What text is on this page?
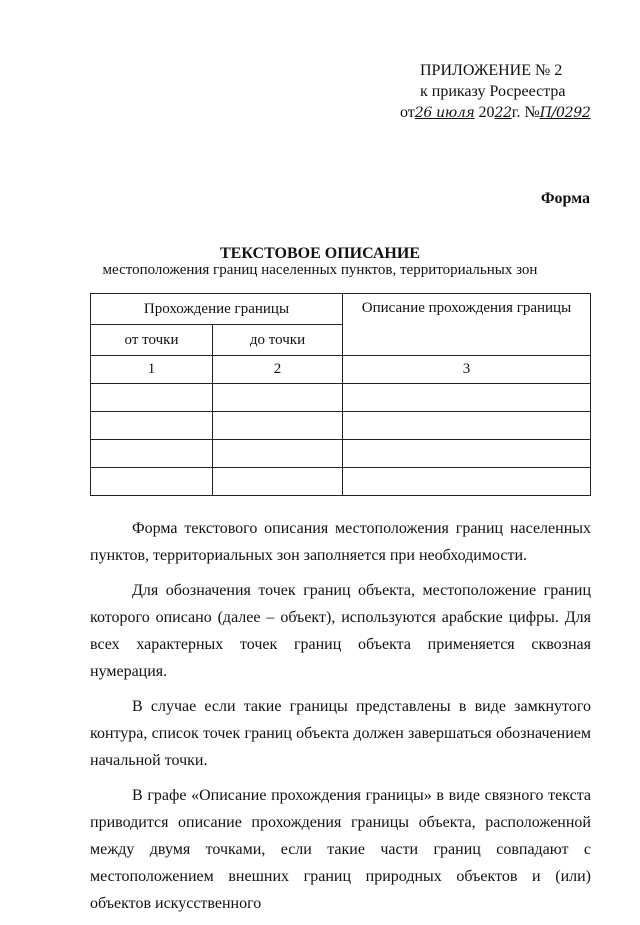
ПРИЛОЖЕНИЕ № 2
к приказу Росреестра
от26 июля 2022г. №П/0292
Форма
ТЕКСТОВОЕ ОПИСАНИЕ
местоположения границ населенных пунктов, территориальных зон
Прохождение границы		Описание прохождения границы

от точки	до точки	
1	2	3

Форма текстового описания местоположения границ населенных пунктов, территориальных зон заполняется при необходимости.

Для обозначения точек границ объекта, местоположение границ которого описано (далее – объект), используются арабские цифры. Для всех характерных точек границ объекта применяется сквозная нумерация.

В случае если такие границы представлены в виде замкнутого контура, список точек границ объекта должен завершаться обозначением начальной точки.

В графе «Описание прохождения границы» в виде связного текста приводится описание прохождения границы объекта, расположенной между двумя точками, если такие части границ совпадают с местоположением внешних границ природных объектов и (или) объектов искусственного
